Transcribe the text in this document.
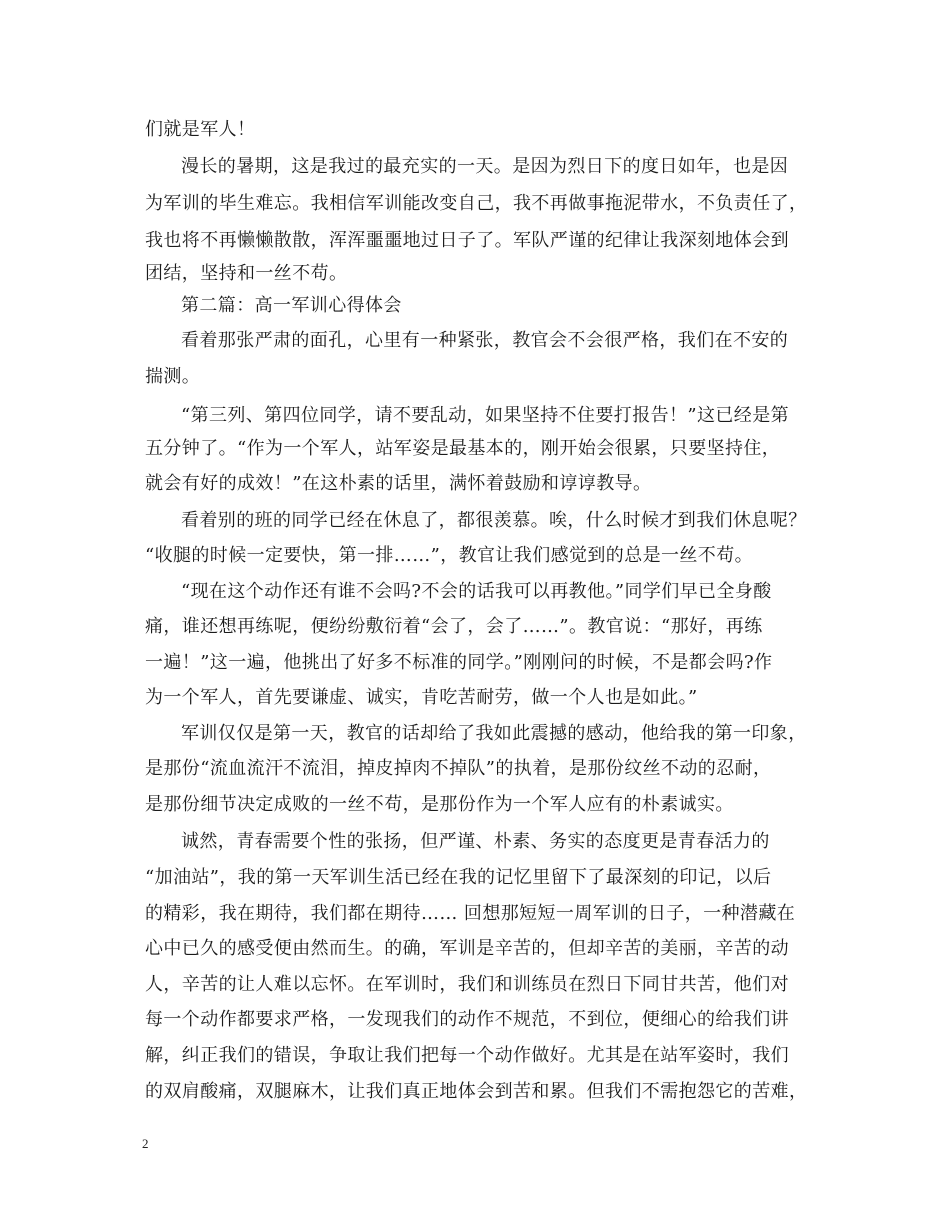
们就是军人！

漫长的暑期，这是我过的最充实的一天。是因为烈日下的度日如年，也是因

为军训的毕生难忘。我相信军训能改变自己，我不再做事拖泥带水，不负责任了，

我也将不再懒懒散散，浑浑噩噩地过日子了。军队严谨的纪律让我深刻地体会到

团结，坚持和一丝不苟。

第二篇：高一军训心得体会

看着那张严肃的面孔，心里有一种紧张，教官会不会很严格，我们在不安的

揣测。

“第三列、第四位同学，请不要乱动，如果坚持不住要打报告！”这已经是第

五分钟了。“作为一个军人，站军姿是最基本的，刚开始会很累，只要坚持住，

就会有好的成效！”在这朴素的话里，满怀着鼓励和谆谆教导。

看着别的班的同学已经在休息了，都很羡慕。唉，什么时候才到我们休息呢？

“收腿的时候一定要快，第一排……”，教官让我们感觉到的总是一丝不苟。

“现在这个动作还有谁不会吗?不会的话我可以再教他。”同学们早已全身酸

痛，谁还想再练呢，便纷纷敷衍着“会了，会了……”。教官说：“那好，再练

一遍！”这一遍，他挑出了好多不标准的同学。”刚刚问的时候，不是都会吗?作

为一个军人，首先要谦虚、诚实，肯吃苦耐劳，做一个人也是如此。”

军训仅仅是第一天，教官的话却给了我如此震撼的感动，他给我的第一印象，

是那份“流血流汗不流泪，掉皮掉肉不掉队”的执着，是那份纹丝不动的忍耐，

是那份细节决定成败的一丝不苟，是那份作为一个军人应有的朴素诚实。

诚然，青春需要个性的张扬，但严谨、朴素、务实的态度更是青春活力的

“加油站”，我的第一天军训生活已经在我的记忆里留下了最深刻的印记，以后

的精彩，我在期待，我们都在期待…… 回想那短短一周军训的日子，一种潜藏在

心中已久的感受便由然而生。的确，军训是辛苦的，但却辛苦的美丽，辛苦的动

人，辛苦的让人难以忘怀。在军训时，我们和训练员在烈日下同甘共苦，他们对

每一个动作都要求严格，一发现我们的动作不规范，不到位，便细心的给我们讲

解，纠正我们的错误，争取让我们把每一个动作做好。尤其是在站军姿时，我们

的双肩酸痛，双腿麻木，让我们真正地体会到苦和累。但我们不需抱怨它的苦难，

2
